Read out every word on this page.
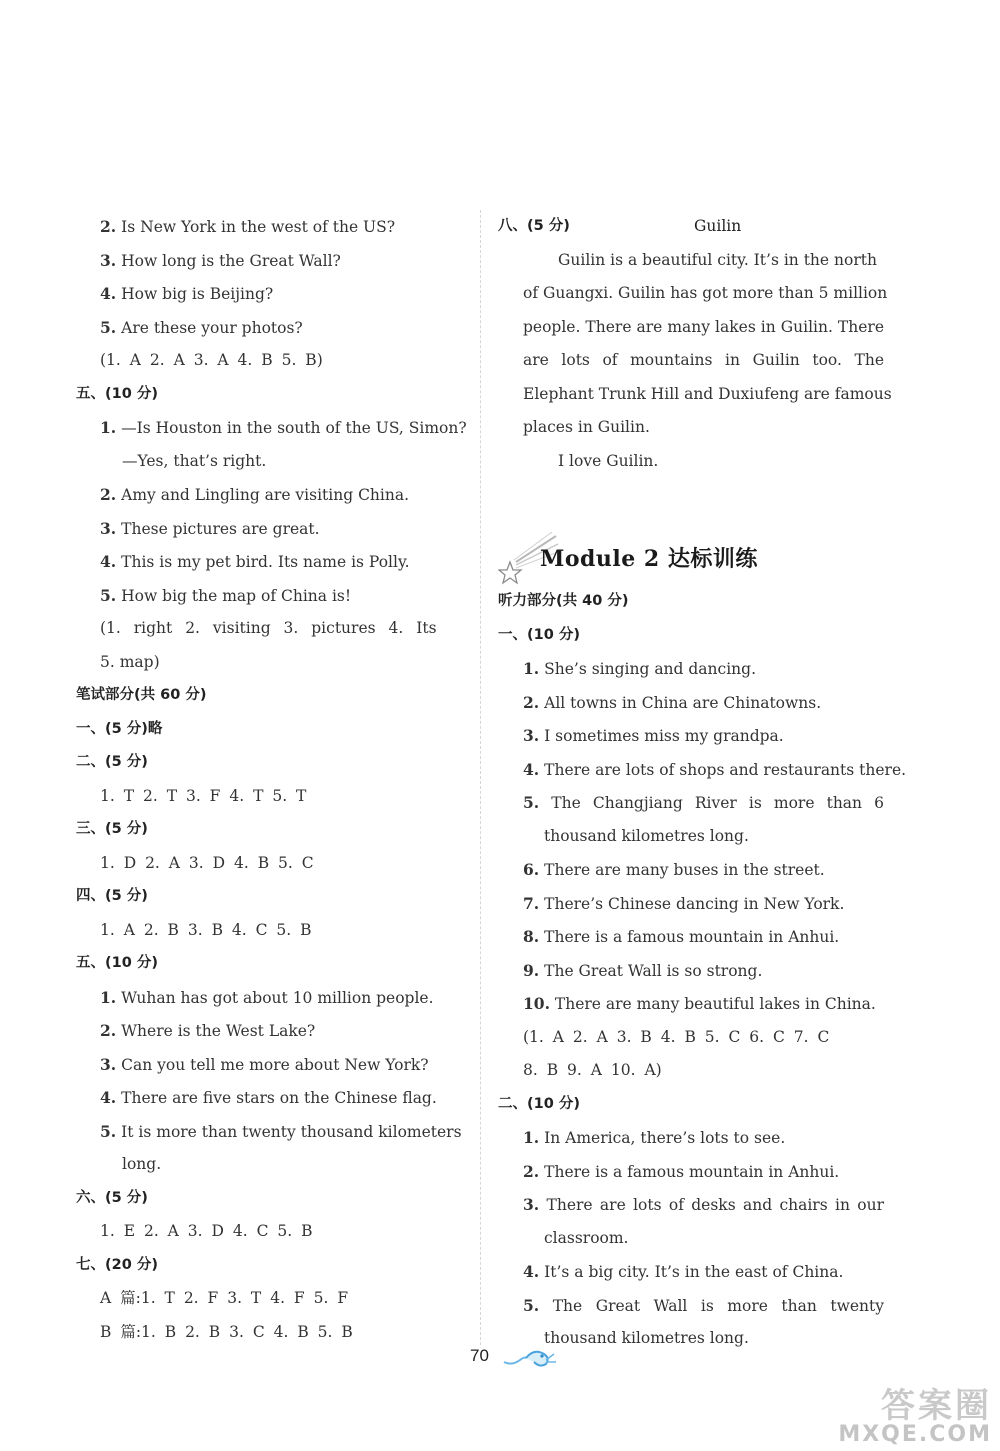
2. Is New York in the west of the US?
3. How long is the Great Wall?
4. How big is Beijing?
5. Are these your photos?
(1. A 2. A 3. A 4. B 5. B)
五、(10 分)
1. —Is Houston in the south of the US, Simon?
—Yes, that’s right.
2. Amy and Lingling are visiting China.
3. These pictures are great.
4. This is my pet bird. Its name is Polly.
5. How big the map of China is!
(1. right 2. visiting 3. pictures 4. Its
5. map)
笔试部分(共 60 分)
一、(5 分)略
二、(5 分)
1. T 2. T 3. F 4. T 5. T
三、(5 分)
1. D 2. A 3. D 4. B 5. C
四、(5 分)
1. A 2. B 3. B 4. C 5. B
五、(10 分)
1. Wuhan has got about 10 million people.
2. Where is the West Lake?
3. Can you tell me more about New York?
4. There are five stars on the Chinese flag.
5. It is more than twenty thousand kilometers
long.
六、(5 分)
1. E 2. A 3. D 4. C 5. B
七、(20 分)
A 篇:1. T 2. F 3. T 4. F 5. F
B 篇:1. B 2. B 3. C 4. B 5. B
八、(5 分)	Guilin
Guilin is a beautiful city. It’s in the north
of Guangxi. Guilin has got more than 5 million
people. There are many lakes in Guilin. There
are lots of mountains in Guilin too. The
Elephant Trunk Hill and Duxiufeng are famous
places in Guilin.
I love Guilin.
Module 2 达标训练
听力部分(共 40 分)
一、(10 分)
1. She’s singing and dancing.
2. All towns in China are Chinatowns.
3. I sometimes miss my grandpa.
4. There are lots of shops and restaurants there.
5. The Changjiang River is more than 6
thousand kilometres long.
6. There are many buses in the street.
7. There’s Chinese dancing in New York.
8. There is a famous mountain in Anhui.
9. The Great Wall is so strong.
10. There are many beautiful lakes in China.
(1. A 2. A 3. B 4. B 5. C 6. C 7. C
8. B 9. A 10. A)
二、(10 分)
1. In America, there’s lots to see.
2. There is a famous mountain in Anhui.
3. There are lots of desks and chairs in our
classroom.
4. It’s a big city. It’s in the east of China.
5. The Great Wall is more than twenty
thousand kilometres long.
70
答案圈
MXQE.COM
